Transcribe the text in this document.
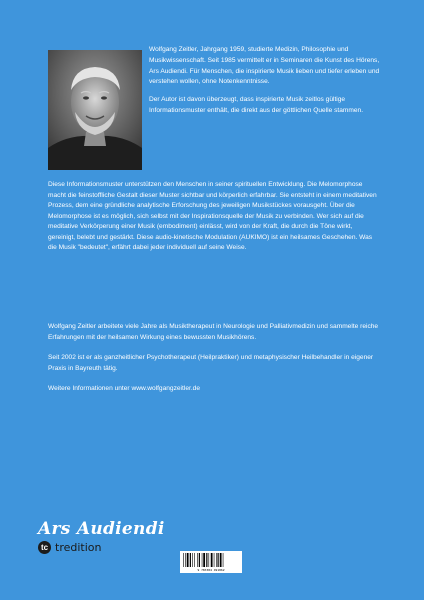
Wolfgang Zeitler, Jahrgang 1959, studierte Medizin, Philosophie und Musikwissenschaft. Seit 1985 vermittelt er in Seminaren die Kunst des Hörens, Ars Audiendi. Für Menschen, die inspirierte Musik lieben und tiefer erleben und verstehen wollen, ohne Notenkenntnisse.

Der Autor ist davon überzeugt, dass inspirierte Musik zeitlos gültige Informationsmuster enthält, die direkt aus der göttlichen Quelle stammen.

Diese Informationsmuster unterstützen den Menschen in seiner spirituellen Entwicklung. Die Melomorphose macht die feinstoffliche Gestalt dieser Muster sichtbar und körperlich erfahrbar. Sie entsteht in einem meditativen Prozess, dem eine gründliche analytische Erforschung des jeweiligen Musikstückes vorausgeht. Über die Melomorphose ist es möglich, sich selbst mit der Inspirationsquelle der Musik zu verbinden. Wer sich auf die meditative Verkörperung einer Musik (embodiment) einlässt, wird von der Kraft, die durch die Töne wirkt, gereinigt, belebt und gestärkt. Diese audio-kinetische Modulation (AUKIMO) ist ein heilsames Geschehen. Was die Musik "bedeutet", erfährt dabei jeder individuell auf seine Weise.

Wolfgang Zeitler arbeitete viele Jahre als Musiktherapeut in Neurologie und Palliativmedizin und sammelte reiche Erfahrungen mit der heilsamen Wirkung eines bewussten Musikhörens.

Seit 2002 ist er als ganzheitlicher Psychotherapeut (Heilpraktiker) und metaphysischer Heilbehandler in eigener Praxis in Bayreuth tätig.

Weitere Informationen unter www.wolfgangzeitler.de

Ars Audiendi
tc tredition
9 783384 491862
